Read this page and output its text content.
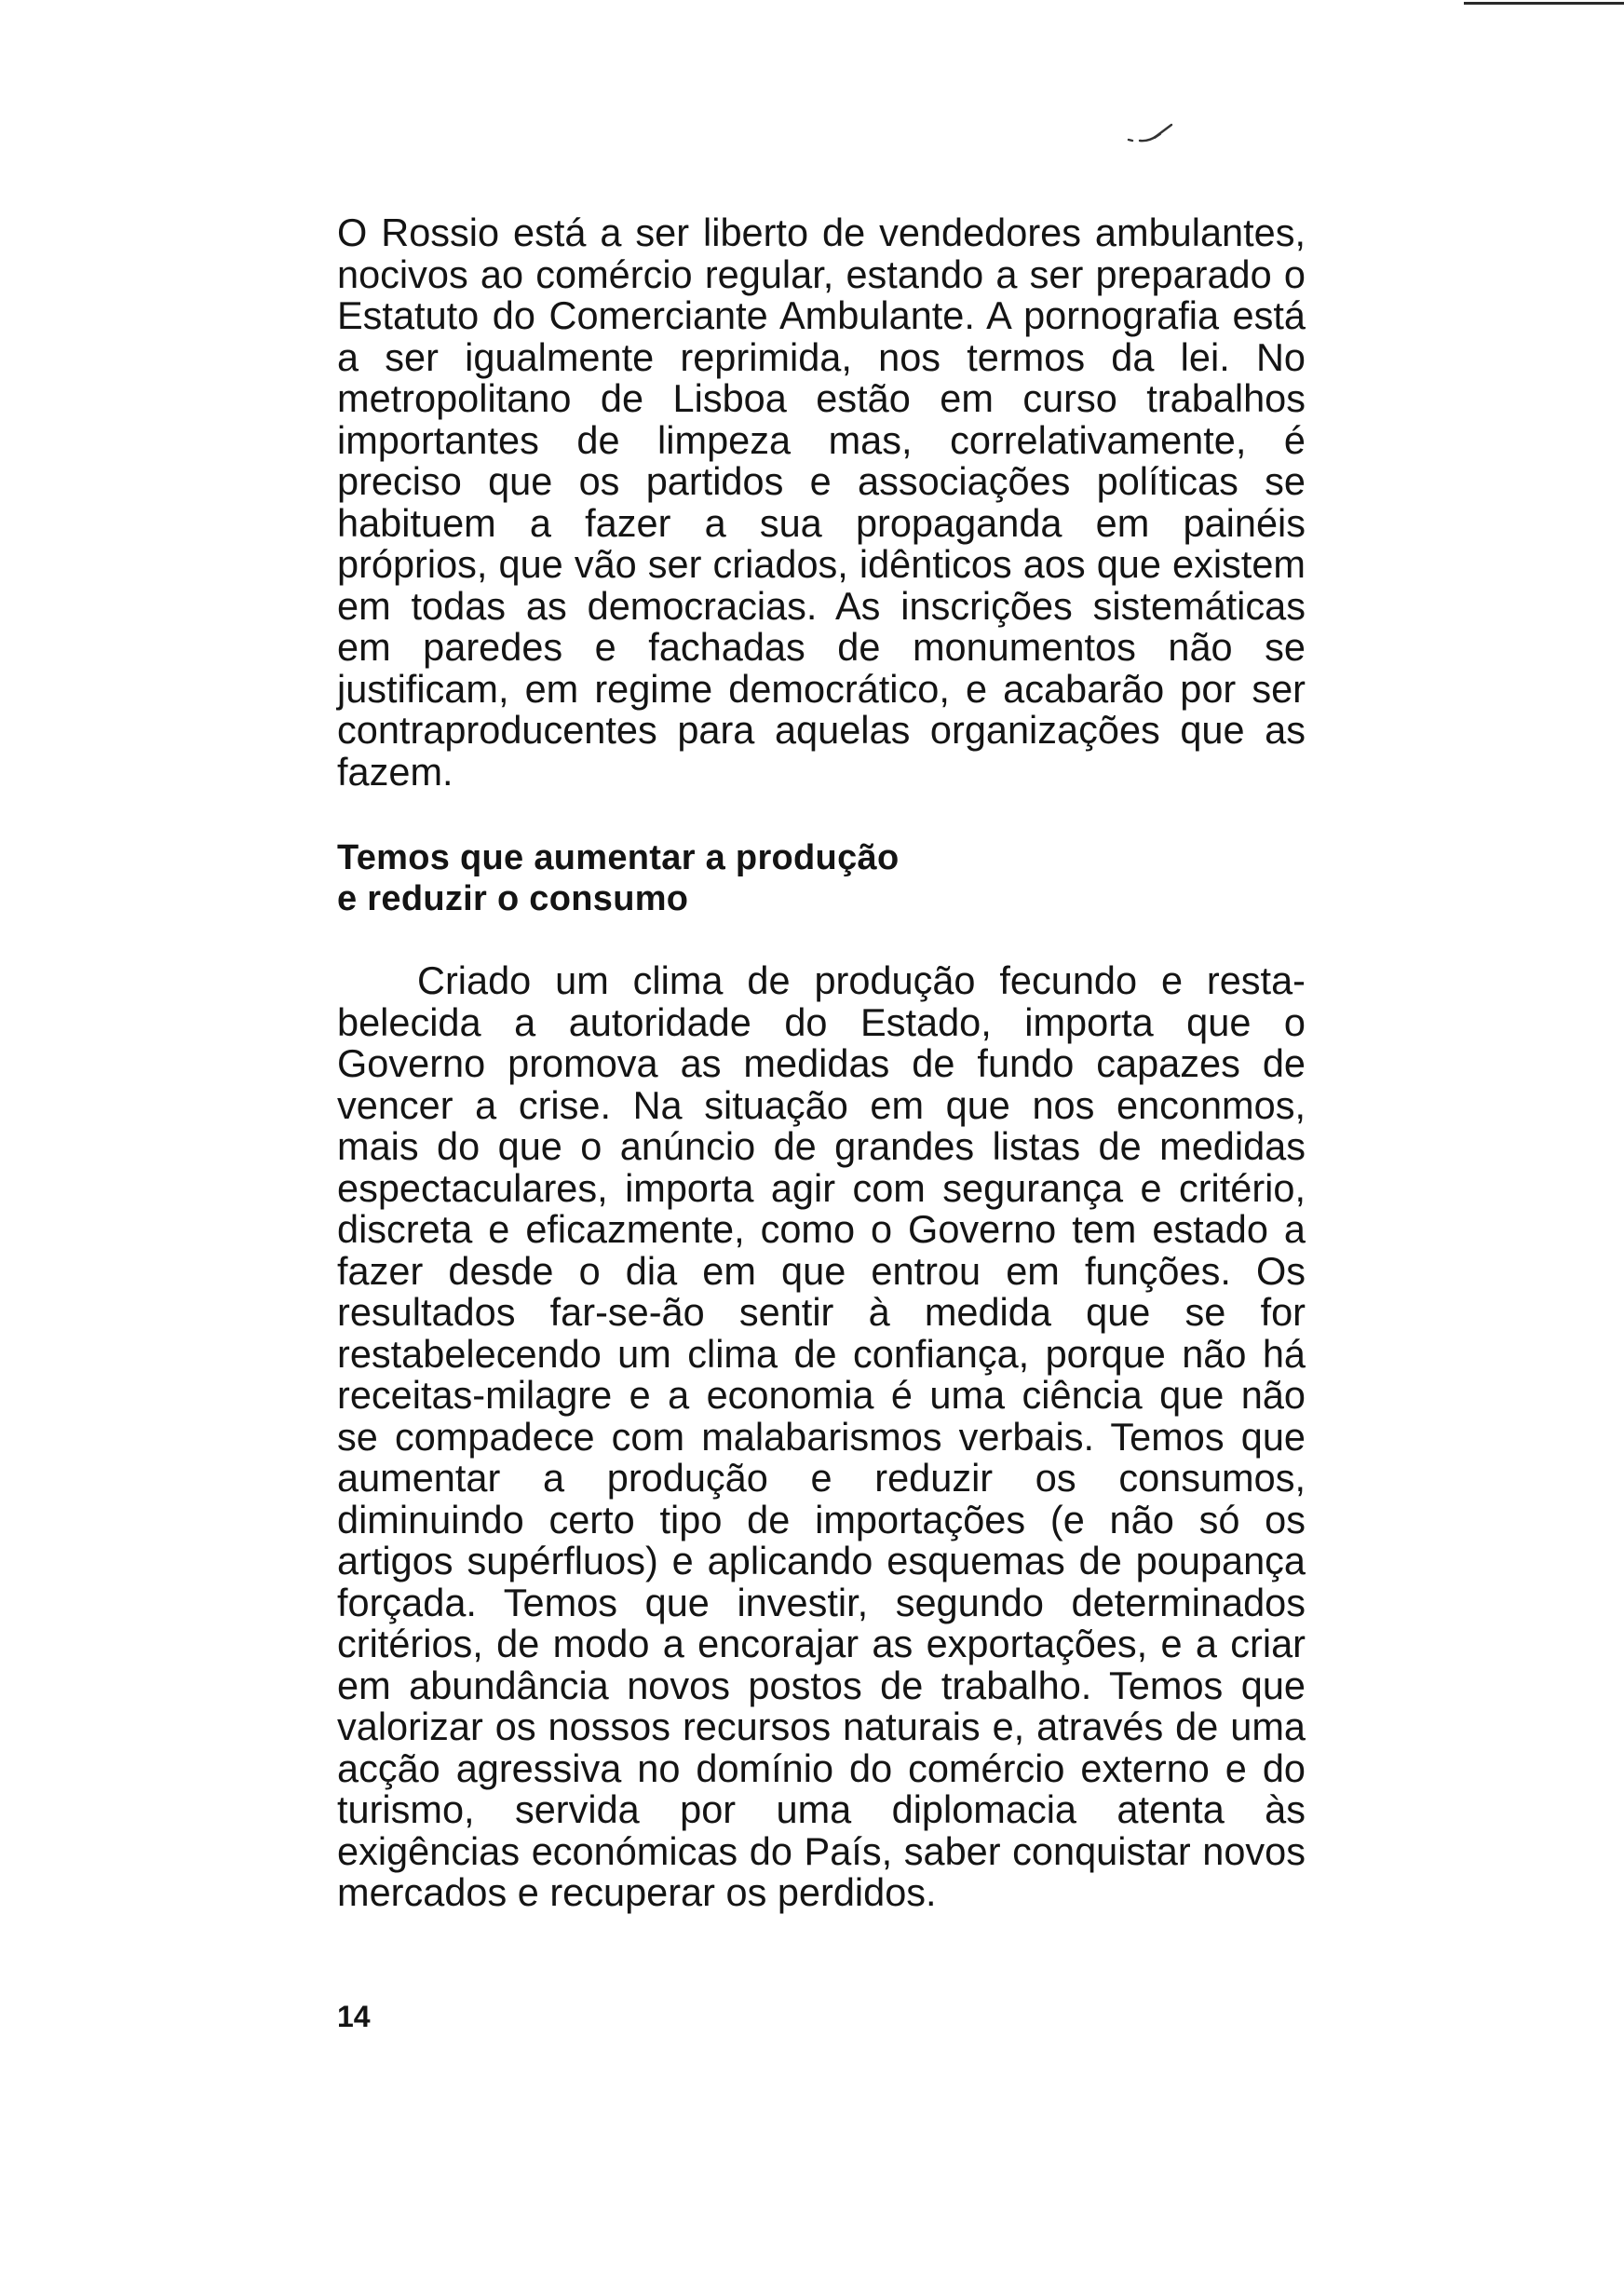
O Rossio está a ser liberto de vendedores ambulantes, nocivos ao comércio regular, estando a ser preparado o Estatuto do Comerciante Ambulante. A pornografia está a ser igualmente reprimida, nos termos da lei. No metropolitano de Lisboa estão em curso trabalhos importantes de limpeza mas, correlativamente, é preciso que os partidos e associações políticas se habituem a fazer a sua propaganda em painéis próprios, que vão ser criados, idênticos aos que existem em todas as democracias. As inscrições sistemáticas em paredes e fachadas de monumentos não se justificam, em regime democrático, e acabarão por ser contraproducentes para aquelas organizações que as fazem.

Temos que aumentar a produção
e reduzir o consumo

Criado um clima de produção fecundo e restabelecida a autoridade do Estado, importa que o Governo promova as medidas de fundo capazes de vencer a crise. Na situação em que nos enconmos, mais do que o anúncio de grandes listas de medidas espectaculares, importa agir com segurança e critério, discreta e eficazmente, como o Governo tem estado a fazer desde o dia em que entrou em funções. Os resultados far-se-ão sentir à medida que se for restabelecendo um clima de confiança, porque não há receitas-milagre e a economia é uma ciência que não se compadece com malabarismos verbais. Temos que aumentar a produção e reduzir os consumos, diminuindo certo tipo de importações (e não só os artigos supérfluos) e aplicando esquemas de poupança forçada. Temos que investir, segundo determinados critérios, de modo a encorajar as exportações, e a criar em abundância novos postos de trabalho. Temos que valorizar os nossos recursos naturais e, através de uma acção agressiva no domínio do comércio externo e do turismo, servida por uma diplomacia atenta às exigências económicas do País, saber conquistar novos mercados e recuperar os perdidos.

14
